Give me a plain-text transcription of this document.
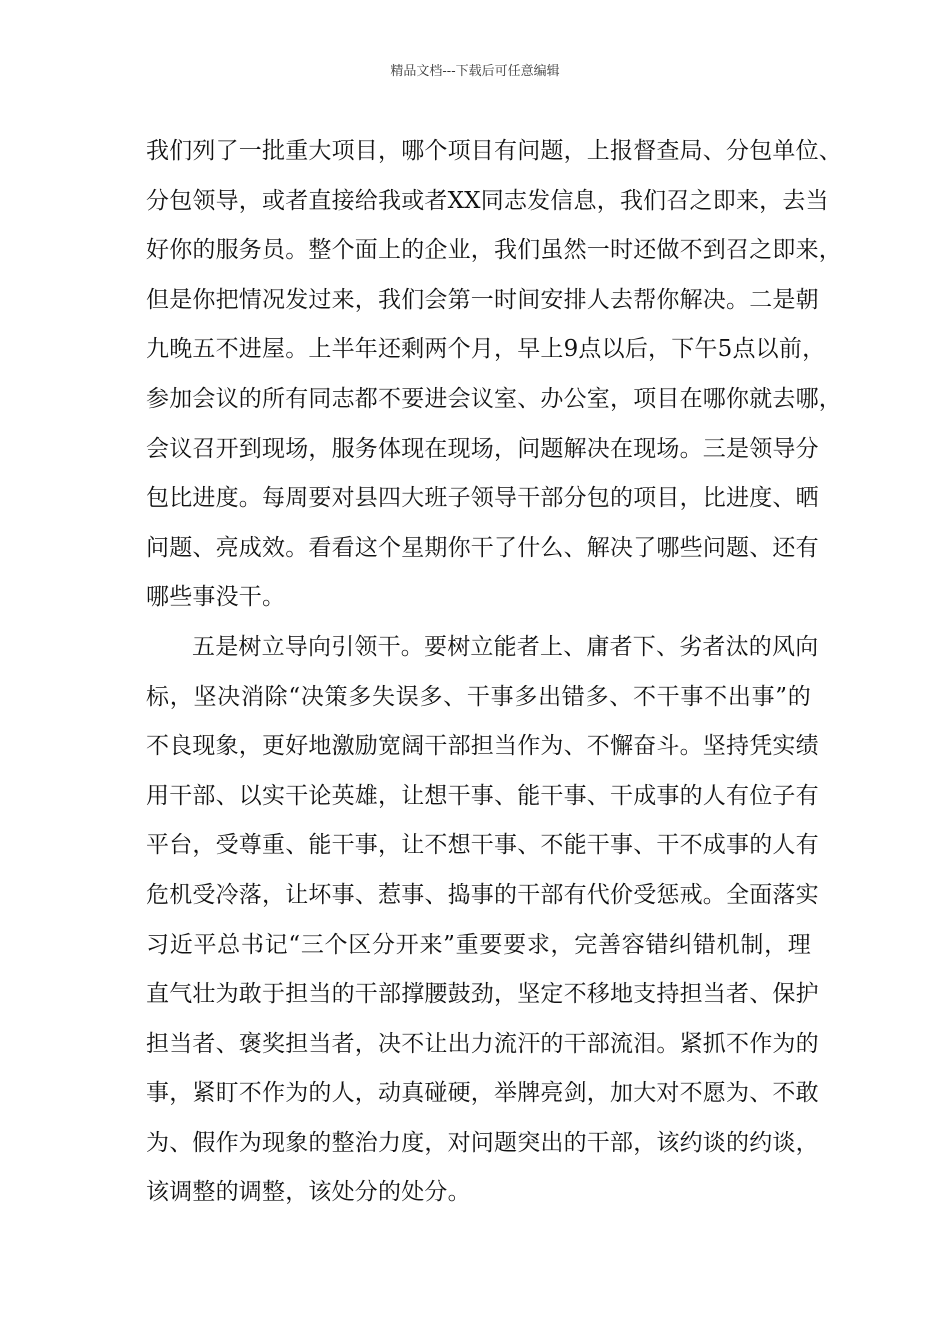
精品文档---下载后可任意编辑
我们列了一批重大项目，哪个项目有问题，上报督查局、分包单位、
分包领导，或者直接给我或者XX同志发信息，我们召之即来，去当
好你的服务员。整个面上的企业，我们虽然一时还做不到召之即来，
但是你把情况发过来，我们会第一时间安排人去帮你解决。二是朝
九晚五不进屋。上半年还剩两个月，早上9点以后，下午5点以前，
参加会议的所有同志都不要进会议室、办公室，项目在哪你就去哪，
会议召开到现场，服务体现在现场，问题解决在现场。三是领导分
包比进度。每周要对县四大班子领导干部分包的项目，比进度、晒
问题、亮成效。看看这个星期你干了什么、解决了哪些问题、还有
哪些事没干。
五是树立导向引领干。要树立能者上、庸者下、劣者汰的风向
标，坚决消除“决策多失误多、干事多出错多、不干事不出事”的
不良现象，更好地激励宽阔干部担当作为、不懈奋斗。坚持凭实绩
用干部、以实干论英雄，让想干事、能干事、干成事的人有位子有
平台，受尊重、能干事，让不想干事、不能干事、干不成事的人有
危机受冷落，让坏事、惹事、捣事的干部有代价受惩戒。全面落实
习近平总书记“三个区分开来”重要要求，完善容错纠错机制，理
直气壮为敢于担当的干部撑腰鼓劲，坚定不移地支持担当者、保护
担当者、褒奖担当者，决不让出力流汗的干部流泪。紧抓不作为的
事，紧盯不作为的人，动真碰硬，举牌亮剑，加大对不愿为、不敢
为、假作为现象的整治力度，对问题突出的干部，该约谈的约谈，
该调整的调整，该处分的处分。
